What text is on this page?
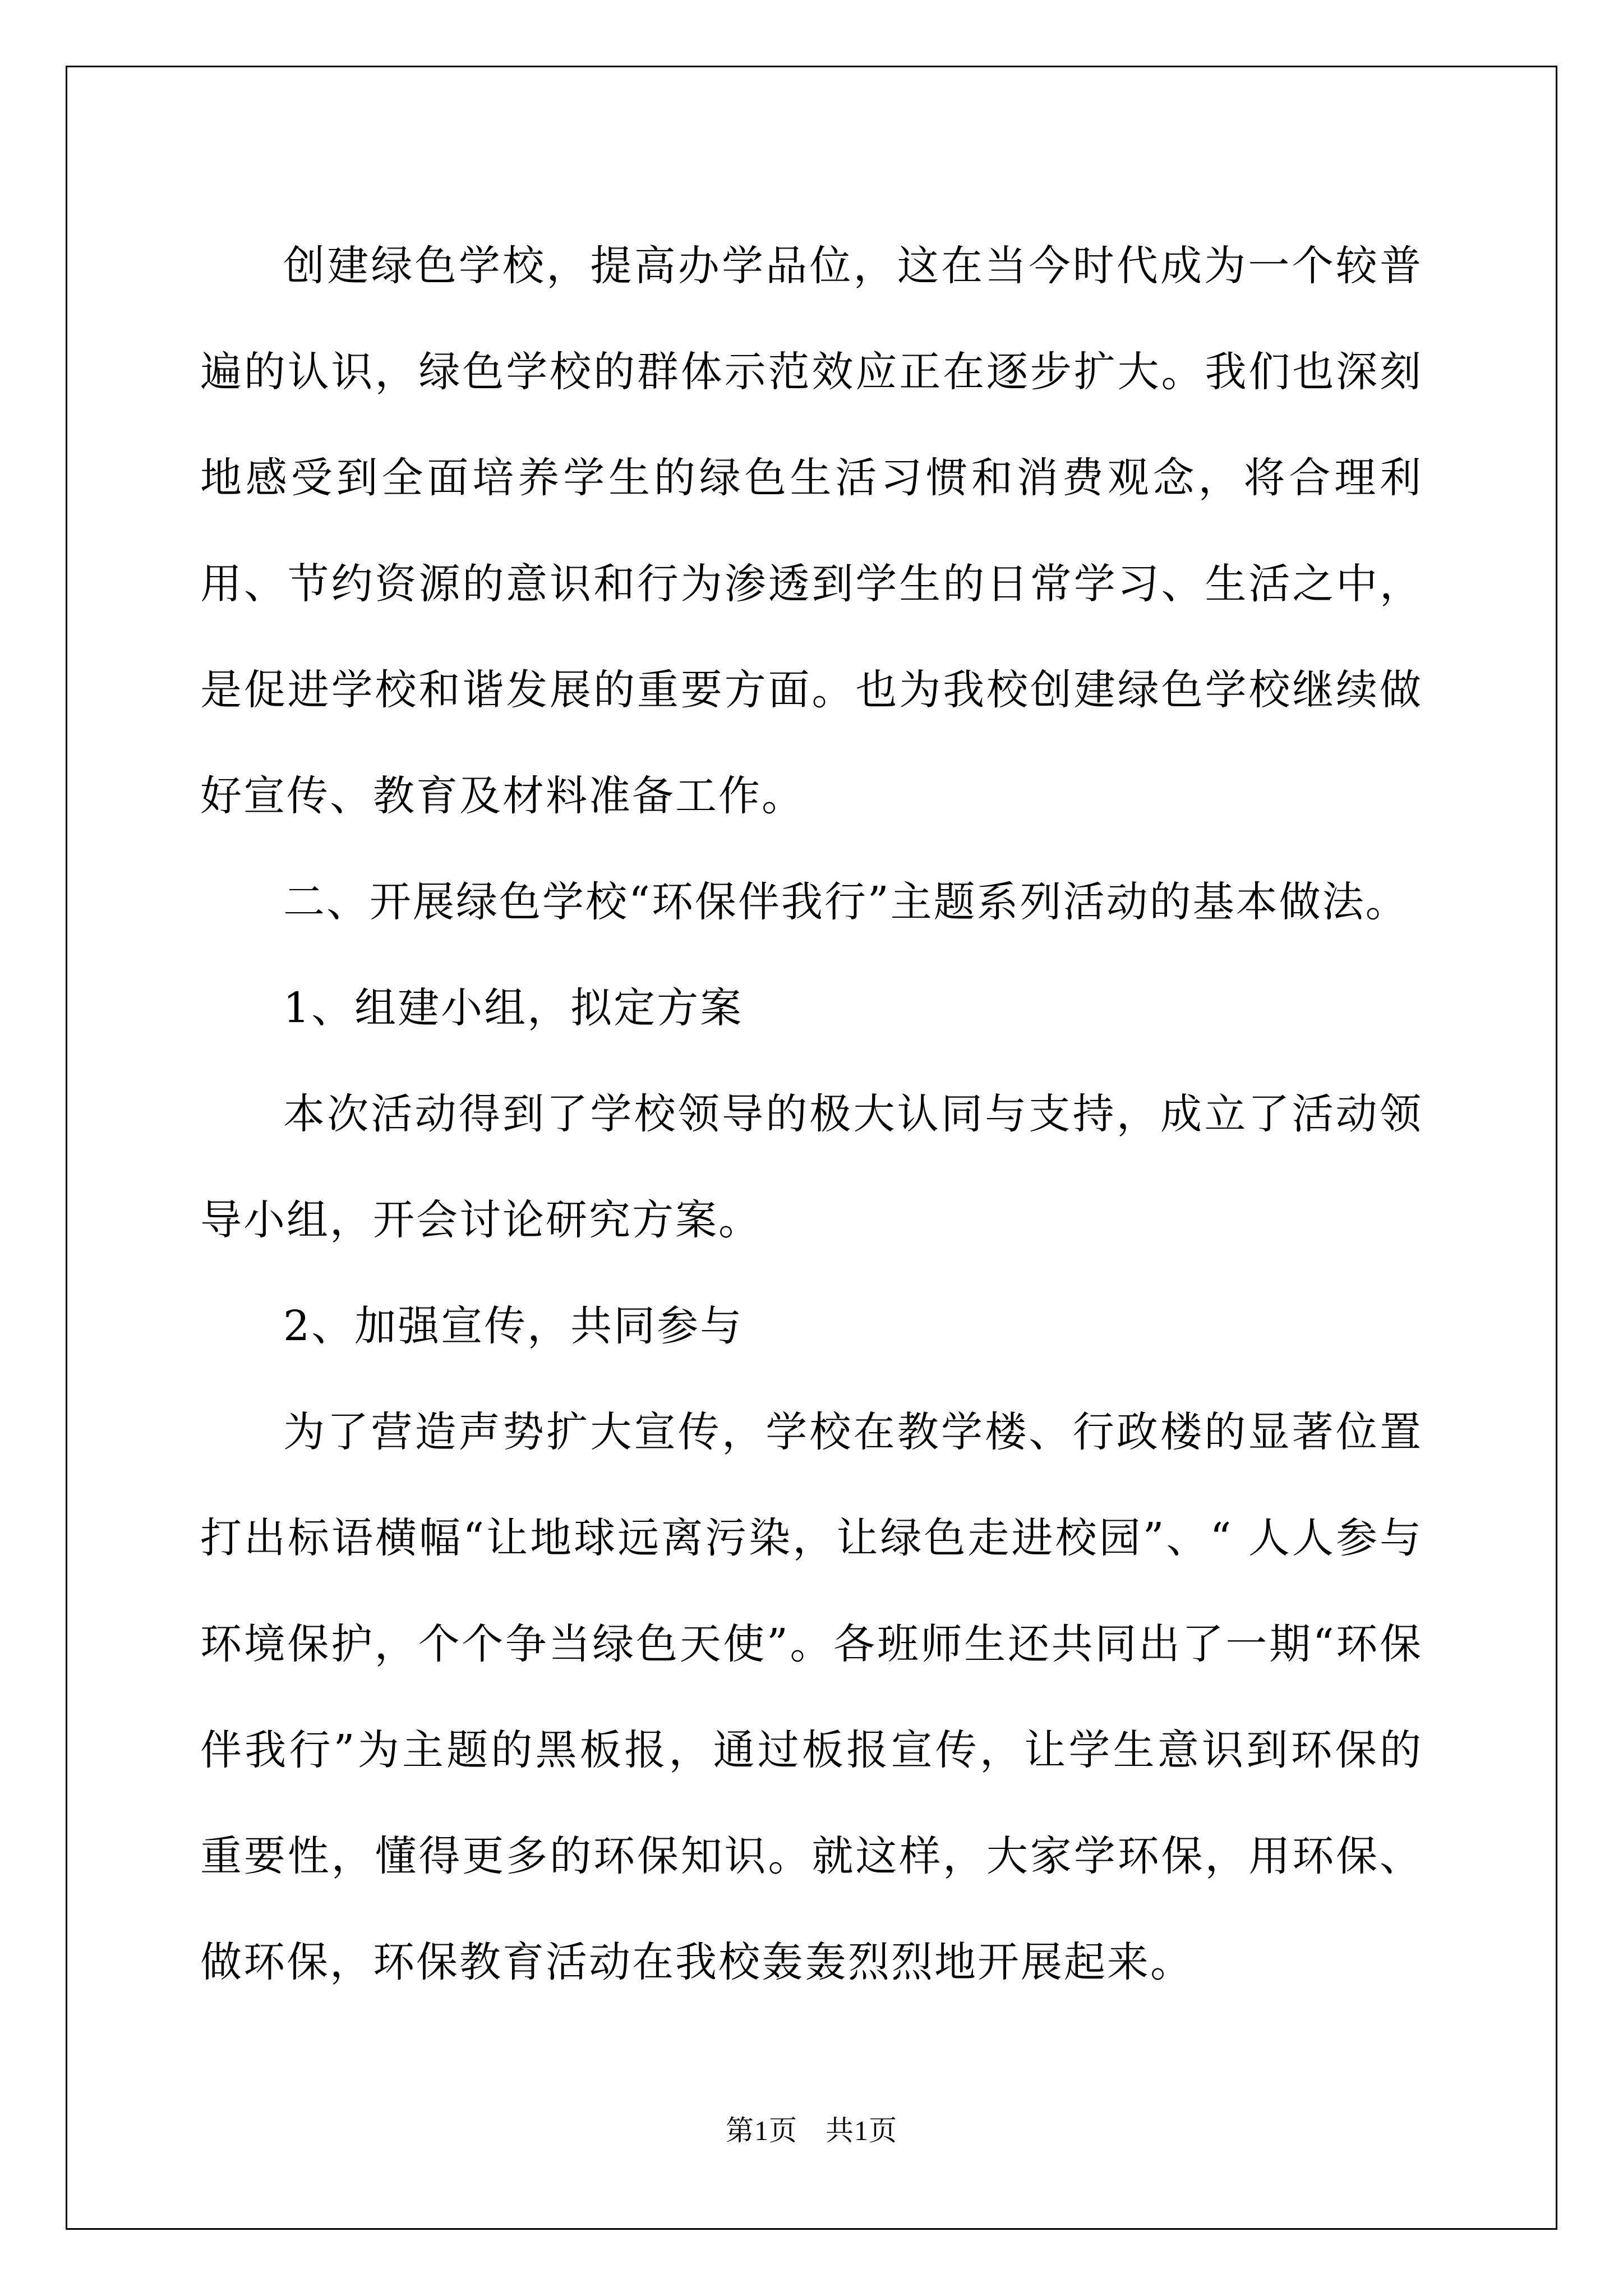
创建绿色学校，提高办学品位，这在当今时代成为一个较普遍的认识，绿色学校的群体示范效应正在逐步扩大。我们也深刻地感受到全面培养学生的绿色生活习惯和消费观念，将合理利用、节约资源的意识和行为渗透到学生的日常学习、生活之中，是促进学校和谐发展的重要方面。也为我校创建绿色学校继续做好宣传、教育及材料准备工作。

二、开展绿色学校“环保伴我行”主题系列活动的基本做法。

1、组建小组，拟定方案

本次活动得到了学校领导的极大认同与支持，成立了活动领导小组，开会讨论研究方案。

2、加强宣传，共同参与

为了营造声势扩大宣传，学校在教学楼、行政楼的显著位置打出标语横幅“让地球远离污染，让绿色走进校园”、“ 人人参与环境保护，个个争当绿色天使”。各班师生还共同出了一期“环保伴我行”为主题的黑板报，通过板报宣传，让学生意识到环保的重要性，懂得更多的环保知识。就这样，大家学环保，用环保、做环保，环保教育活动在我校轰轰烈烈地开展起来。

第1页 共1页
